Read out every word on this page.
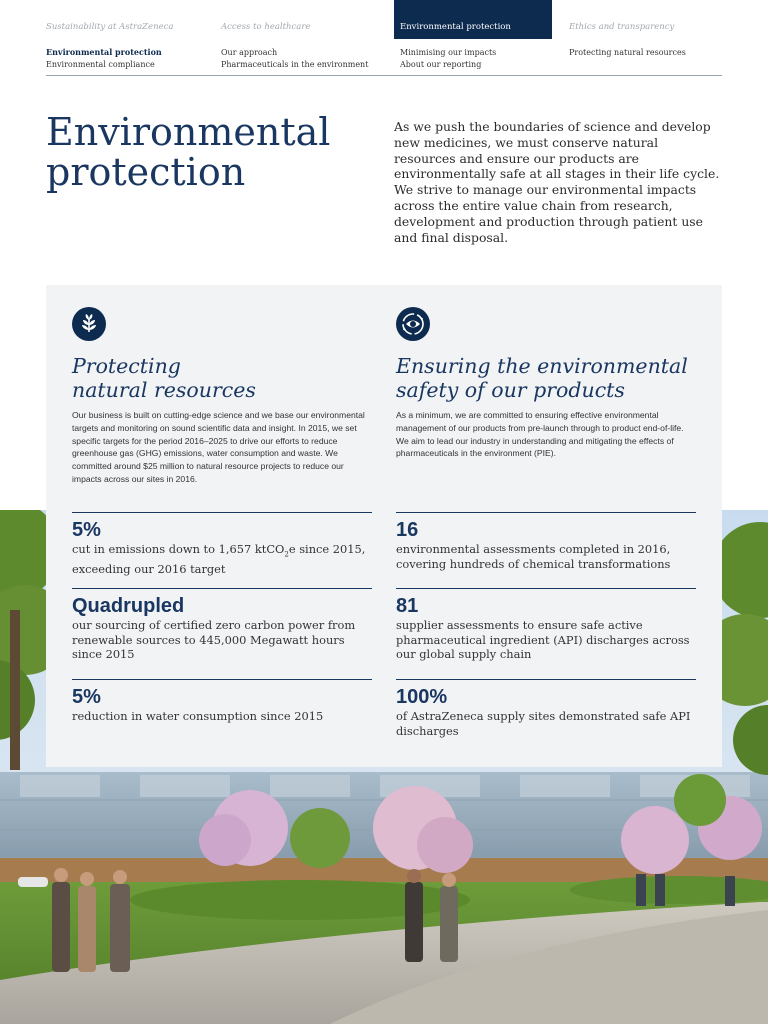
Sustainability at AstraZeneca
Environmental protection
Environmental compliance
Access to healthcare
Our approach
Pharmaceuticals in the environment
Environmental protection
Minimising our impacts
About our reporting
Ethics and transparency
Protecting natural resources
Environmental
protection
As we push the boundaries of science and develop new medicines, we must conserve natural resources and ensure our products are environmentally safe at all stages in their life cycle. We strive to manage our environmental impacts across the entire value chain from research, development and production through patient use and final disposal.
Protecting
natural resources
Our business is built on cutting-edge science and we base our environmental targets and monitoring on sound scientific data and insight. In 2015, we set specific targets for the period 2016–2025 to drive our efforts to reduce greenhouse gas (GHG) emissions, water consumption and waste. We committed around $25 million to natural resource projects to reduce our impacts across our sites in 2016.
5%
cut in emissions down to 1,657 ktCO$_2$e since 2015, exceeding our 2016 target
Quadrupled
our sourcing of certified zero carbon power from renewable sources to 445,000 Megawatt hours since 2015
5%
reduction in water consumption since 2015
Ensuring the environmental
safety of our products
As a minimum, we are committed to ensuring effective environmental management of our products from pre-launch through to product end-of-life. We aim to lead our industry in understanding and mitigating the effects of pharmaceuticals in the environment (PIE).
16
environmental assessments completed in 2016, covering hundreds of chemical transformations
81
supplier assessments to ensure safe active pharmaceutical ingredient (API) discharges across our global supply chain
100%
of AstraZeneca supply sites demonstrated safe API discharges
